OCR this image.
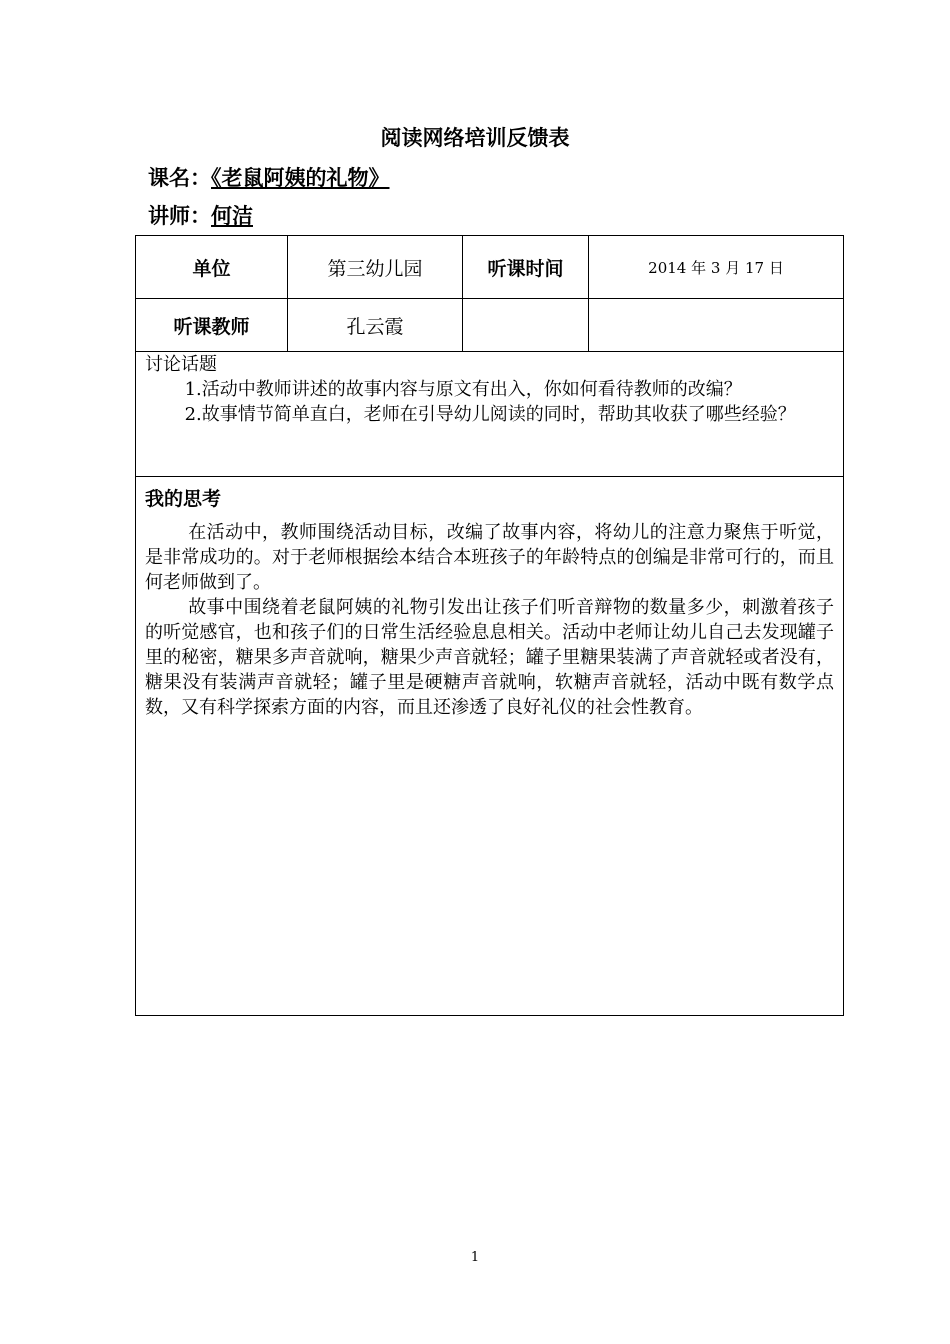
阅读网络培训反馈表
课名：《老鼠阿姨的礼物》
讲师：何洁
单位	第三幼儿园	听课时间	2014 年 3 月 17 日
听课教师	孔云霞		

讨论话题
1.活动中教师讲述的故事内容与原文有出入，你如何看待教师的改编？
2.故事情节简单直白，老师在引导幼儿阅读的同时，帮助其收获了哪些经验？			

我的思考
在活动中，教师围绕活动目标，改编了故事内容，将幼儿的注意力聚焦于听觉，是非常成功的。对于老师根据绘本结合本班孩子的年龄特点的创编是非常可行的，而且何老师做到了。
故事中围绕着老鼠阿姨的礼物引发出让孩子们听音辩物的数量多少，刺激着孩子的听觉感官，也和孩子们的日常生活经验息息相关。活动中老师让幼儿自己去发现罐子里的秘密，糖果多声音就响，糖果少声音就轻；罐子里糖果装满了声音就轻或者没有，糖果没有装满声音就轻；罐子里是硬糖声音就响，软糖声音就轻，活动中既有数学点数，又有科学探索方面的内容，而且还渗透了良好礼仪的社会性教育。			
1
